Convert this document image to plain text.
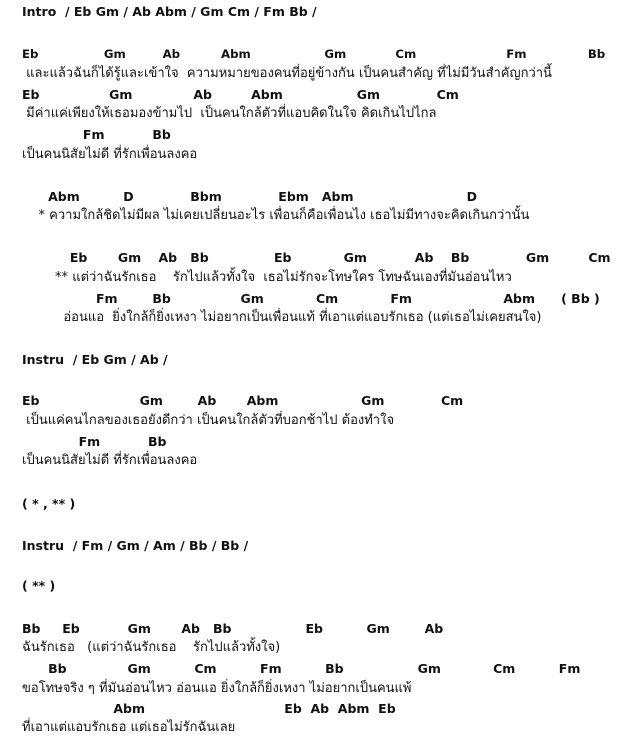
Intro  / Eb Gm / Ab Abm / Gm Cm / Fm Bb /
Eb                Gm         Ab          Abm                  Gm            Cm                      Fm               Bb
และแล้วฉันก็ได้รู้และเข้าใจ  ความหมายของคนที่อยู่ข้างกัน เป็นคนสำคัญ ที่ไม่มีวันสำคัญกว่านี้
Eb                Gm              Ab         Abm                 Gm             Cm
มีค่าแค่เพียงให้เธอมองข้ามไป  เป็นคนใกล้ตัวที่แอบคิดในใจ คิดเกินไปไกล
Fm           Bb
เป็นคนนิสัยไม่ดี ที่รักเพื่อนลงคอ
Abm          D             Bbm             Ebm   Abm                          D
* ความใกล้ชิดไม่มีผล ไม่เคยเปลี่ยนอะไร เพื่อนก็คือเพื่อนไง เธอไม่มีทางจะคิดเกินกว่านั้น
Eb       Gm    Ab   Bb               Eb            Gm           Ab    Bb             Gm         Cm
** แต่ว่าฉันรักเธอ    รักไปแล้วทั้งใจ  เธอไม่รักจะโทษใคร โทษฉันเองที่มันอ่อนไหว
Fm        Bb                Gm            Cm            Fm                     Abm      ( Bb )
อ่อนแอ  ยิ่งใกล้ก็ยิ่งเหงา ไม่อยากเป็นเพื่อนแท้ ที่เอาแต่แอบรักเธอ (แต่เธอไม่เคยสนใจ)
Instru  / Eb Gm / Ab /
Eb                       Gm        Ab       Abm                   Gm             Cm
เป็นแค่คนไกลของเธอยังดีกว่า เป็นคนใกล้ตัวที่บอกช้าไป ต้องทำใจ
Fm           Bb
เป็นคนนิสัยไม่ดี ที่รักเพื่อนลงคอ
( * , ** )
Instru  / Fm / Gm / Am / Bb / Bb /
( ** )
Bb     Eb           Gm       Ab   Bb                 Eb          Gm        Ab
ฉันรักเธอ   (แต่ว่าฉันรักเธอ    รักไปแล้วทั้งใจ)
Bb              Gm          Cm          Fm          Bb                 Gm            Cm          Fm
ขอโทษจริง ๆ ที่มันอ่อนไหว อ่อนแอ ยิ่งใกล้ก็ยิ่งเหงา ไม่อยากเป็นคนแพ้
Abm                                Eb  Ab  Abm  Eb
ที่เอาแต่แอบรักเธอ แต่เธอไม่รักฉันเลย
